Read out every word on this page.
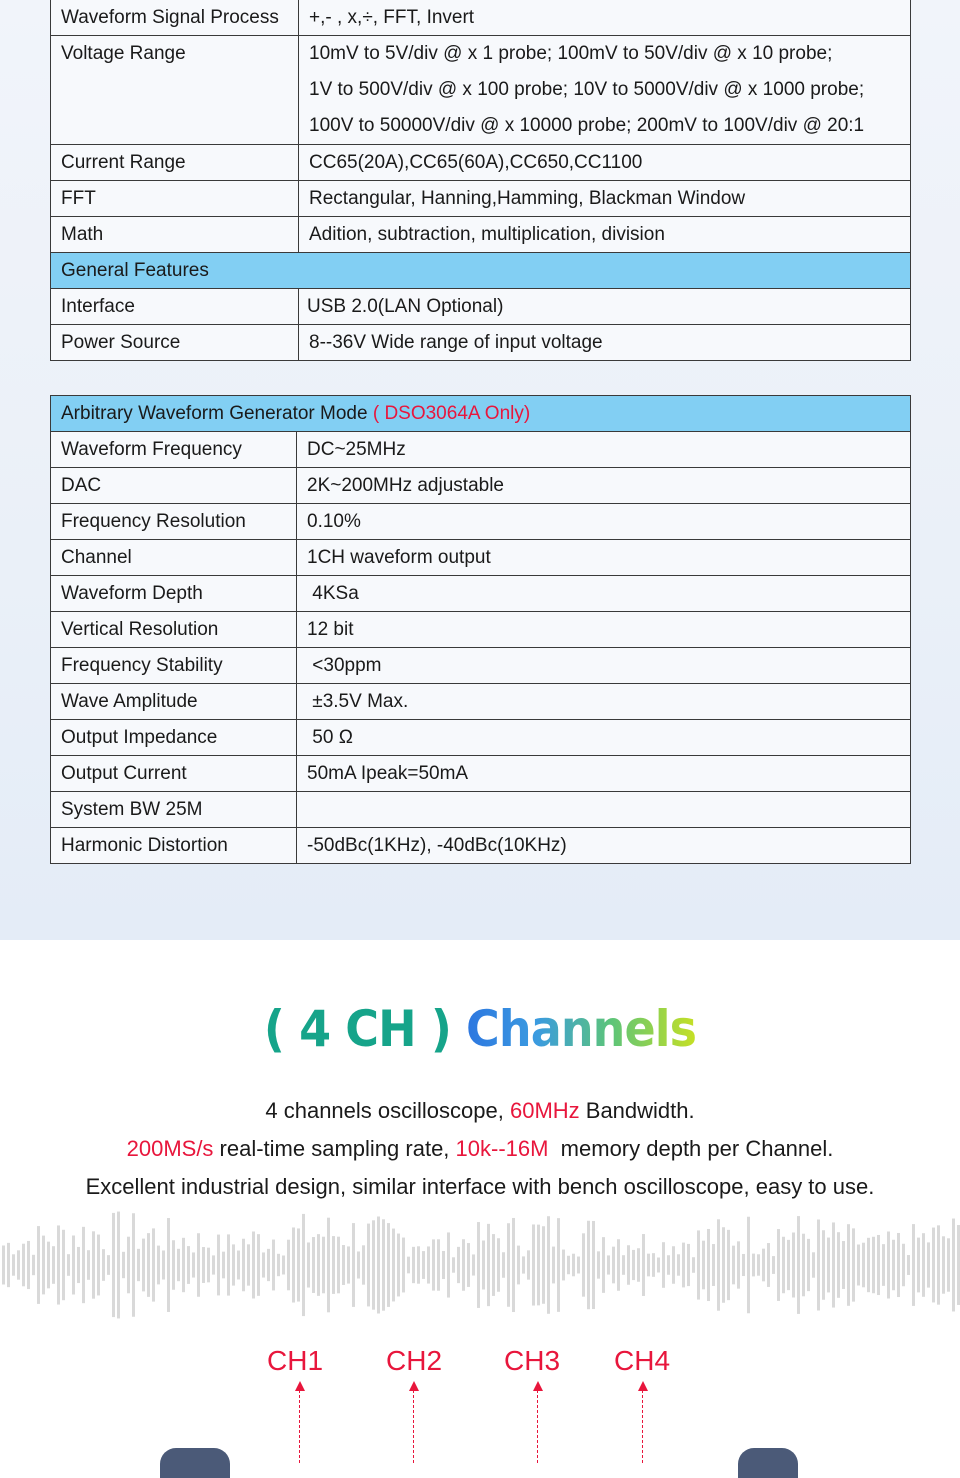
Waveform Signal Process	+,- , x,÷, FFT, Invert
Voltage Range	10mV to 5V/div @ x 1 probe; 100mV to 50V/div @ x 10 probe;
1V to 500V/div @ x 100 probe; 10V to 5000V/div @ x 1000 probe;
100V to 50000V/div @ x 10000 probe; 200mV to 100V/div @ 20:1

Current Range	CC65(20A),CC65(60A),CC650,CC1100
FFT	Rectangular, Hanning,Hamming, Blackman Window
Math	Adition, subtraction, multiplication, division
General Features	
Interface	USB 2.0(LAN Optional)
Power Source	8--36V Wide range of input voltage
Arbitrary Waveform Generator Mode ( DSO3064A Only)	
Waveform Frequency	DC~25MHz
DAC	2K~200MHz adjustable
Frequency Resolution	0.10%
Channel	1CH waveform output
Waveform Depth	4KSa
Vertical Resolution	12 bit
Frequency Stability	<30ppm
Wave Amplitude	±3.5V Max.
Output Impedance	50 Ω
Output Current	50mA Ipeak=50mA
System BW 25M	
Harmonic Distortion	-50dBc(1KHz), -40dBc(10KHz)
( 4 CH ) Channels
4 channels oscilloscope, 60MHz Bandwidth.
200MS/s real-time sampling rate, 10k--16M  memory depth per Channel.
Excellent industrial design, similar interface with bench oscilloscope, easy to use.
CH1 CH2 CH3 CH4
